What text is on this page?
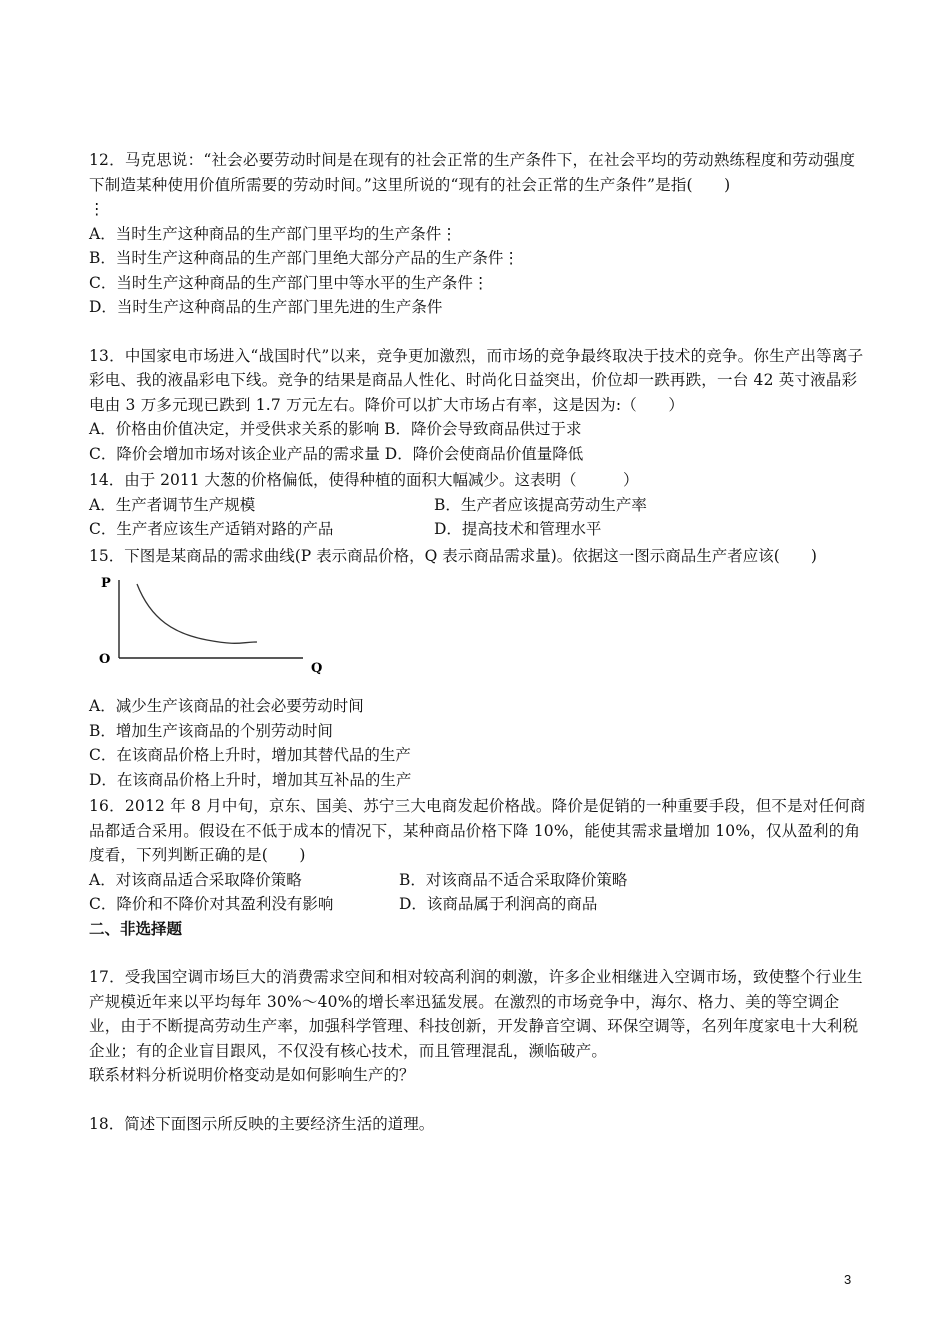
12．马克思说：“社会必要劳动时间是在现有的社会正常的生产条件下，在社会平均的劳动熟练程度和劳动强度下制造某种使用价值所需要的劳动时间。”这里所说的“现有的社会正常的生产条件”是指(　　)
⋮
A．当时生产这种商品的生产部门里平均的生产条件⋮
B．当时生产这种商品的生产部门里绝大部分产品的生产条件⋮
C．当时生产这种商品的生产部门里中等水平的生产条件⋮
D．当时生产这种商品的生产部门里先进的生产条件
13．中国家电市场进入“战国时代”以来，竞争更加激烈，而市场的竞争最终取决于技术的竞争。你生产出等离子彩电、我的液晶彩电下线。竞争的结果是商品人性化、时尚化日益突出，价位却一跌再跌，一台 42 英寸液晶彩电由 3 万多元现已跌到 1.7 万元左右。降价可以扩大市场占有率，这是因为:（　　）
A．价格由价值决定，并受供求关系的影响 B．降价会导致商品供过于求
C．降价会增加市场对该企业产品的需求量 D．降价会使商品价值量降低
14．由于 2011 大葱的价格偏低，使得种植的面积大幅减少。这表明（　　　）
A．生产者调节生产规模	B．生产者应该提高劳动生产率
C．生产者应该生产适销对路的产品	D．提高技术和管理水平
15．下图是某商品的需求曲线(P 表示商品价格，Q 表示商品需求量)。依据这一图示商品生产者应该(　　)
P
O
Q
A．减少生产该商品的社会必要劳动时间
B．增加生产该商品的个别劳动时间
C．在该商品价格上升时，增加其替代品的生产
D．在该商品价格上升时，增加其互补品的生产
16．2012 年 8 月中旬，京东、国美、苏宁三大电商发起价格战。降价是促销的一种重要手段，但不是对任何商品都适合采用。假设在不低于成本的情况下，某种商品价格下降 10%，能使其需求量增加 10%，仅从盈利的角度看，下列判断正确的是(　　)
A．对该商品适合采取降价策略	B．对该商品不适合采取降价策略
C．降价和不降价对其盈利没有影响	D．该商品属于利润高的商品
二、非选择题
17．受我国空调市场巨大的消费需求空间和相对较高利润的刺激，许多企业相继进入空调市场，致使整个行业生产规模近年来以平均每年 30%～40%的增长率迅猛发展。在激烈的市场竞争中，海尔、格力、美的等空调企业，由于不断提高劳动生产率，加强科学管理、科技创新，开发静音空调、环保空调等，名列年度家电十大利税企业；有的企业盲目跟风，不仅没有核心技术，而且管理混乱，濒临破产。
联系材料分析说明价格变动是如何影响生产的？
18．简述下面图示所反映的主要经济生活的道理。
3
